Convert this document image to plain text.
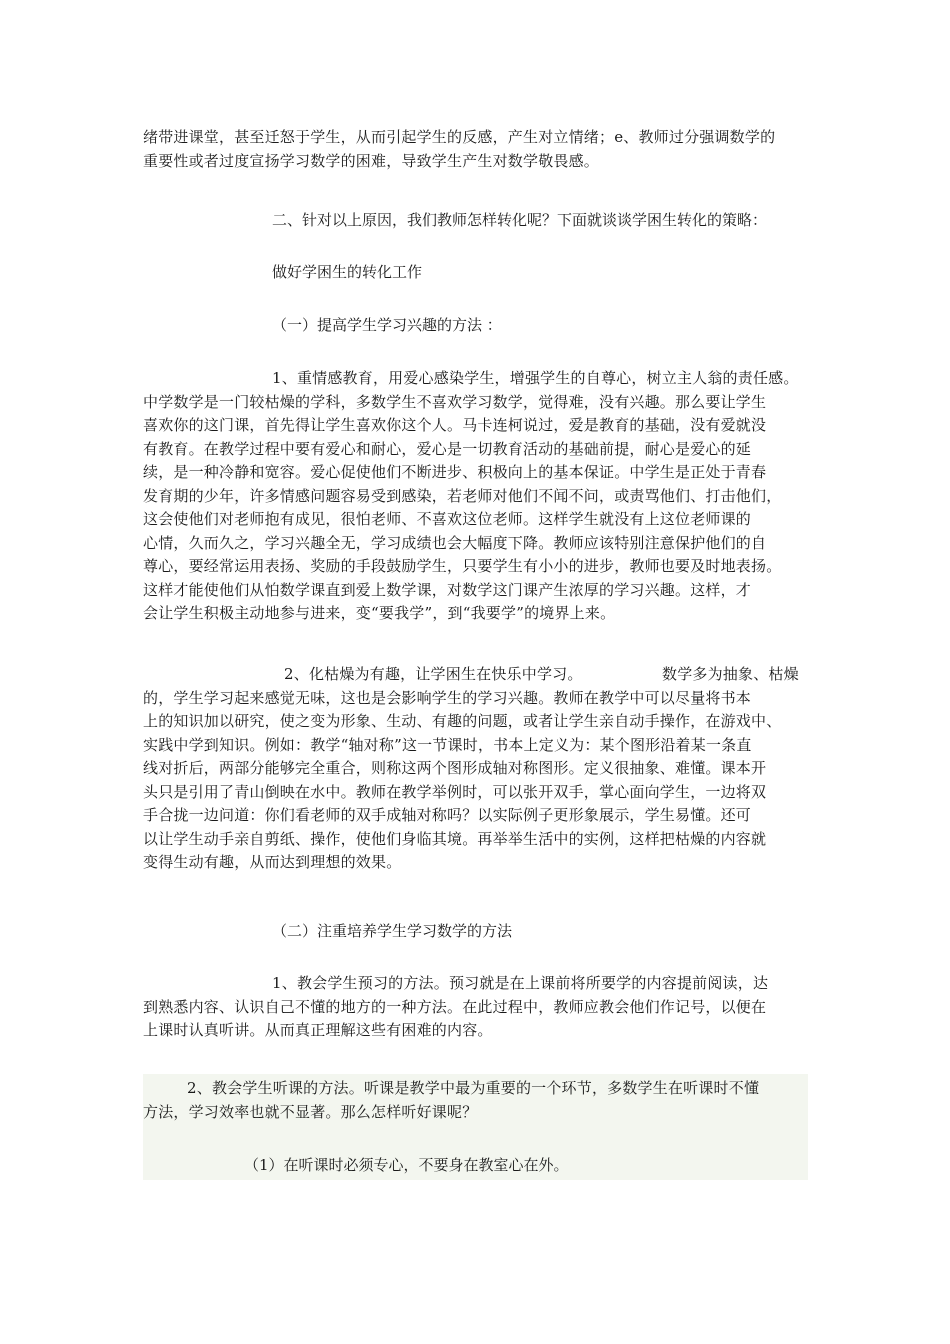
绪带进课堂，甚至迁怒于学生，从而引起学生的反感，产生对立情绪；e、教师过分强调数学的
重要性或者过度宣扬学习数学的困难，导致学生产生对数学敬畏感。
二、针对以上原因，我们教师怎样转化呢？下面就谈谈学困生转化的策略：
做好学困生的转化工作
（一）提高学生学习兴趣的方法 ：
1、重情感教育，用爱心感染学生，增强学生的自尊心，树立主人翁的责任感。
中学数学是一门较枯燥的学科，多数学生不喜欢学习数学，觉得难，没有兴趣。那么要让学生
喜欢你的这门课，首先得让学生喜欢你这个人。马卡连柯说过，爱是教育的基础，没有爱就没
有教育。在教学过程中要有爱心和耐心，爱心是一切教育活动的基础前提，耐心是爱心的延
续，是一种冷静和宽容。爱心促使他们不断进步、积极向上的基本保证。中学生是正处于青春
发育期的少年，许多情感问题容易受到感染，若老师对他们不闻不问，或责骂他们、打击他们，
这会使他们对老师抱有成见，很怕老师、不喜欢这位老师。这样学生就没有上这位老师课的
心情，久而久之，学习兴趣全无，学习成绩也会大幅度下降。教师应该特别注意保护他们的自
尊心，要经常运用表扬、奖励的手段鼓励学生，只要学生有小小的进步，教师也要及时地表扬。
这样才能使他们从怕数学课直到爱上数学课，对数学这门课产生浓厚的学习兴趣。这样，才
会让学生积极主动地参与进来，变“要我学”，到“我要学”的境界上来。
2、化枯燥为有趣，让学困生在快乐中学习。	数学多为抽象、枯燥
的，学生学习起来感觉无味，这也是会影响学生的学习兴趣。教师在教学中可以尽量将书本
上的知识加以研究，使之变为形象、生动、有趣的问题，或者让学生亲自动手操作，在游戏中、
实践中学到知识。例如：教学“轴对称”这一节课时，书本上定义为：某个图形沿着某一条直
线对折后，两部分能够完全重合，则称这两个图形成轴对称图形。定义很抽象、难懂。课本开
头只是引用了青山倒映在水中。教师在教学举例时，可以张开双手，掌心面向学生，一边将双
手合拢一边问道：你们看老师的双手成轴对称吗？以实际例子更形象展示，学生易懂。还可
以让学生动手亲自剪纸、操作，使他们身临其境。再举举生活中的实例，这样把枯燥的内容就
变得生动有趣，从而达到理想的效果。
（二）注重培养学生学习数学的方法
1、教会学生预习的方法。预习就是在上课前将所要学的内容提前阅读，达
到熟悉内容、认识自己不懂的地方的一种方法。在此过程中，教师应教会他们作记号，以便在
上课时认真听讲。从而真正理解这些有困难的内容。
2、教会学生听课的方法。听课是教学中最为重要的一个环节，多数学生在听课时不懂
方法，学习效率也就不显著。那么怎样听好课呢？
（1）在听课时必须专心，不要身在教室心在外。
